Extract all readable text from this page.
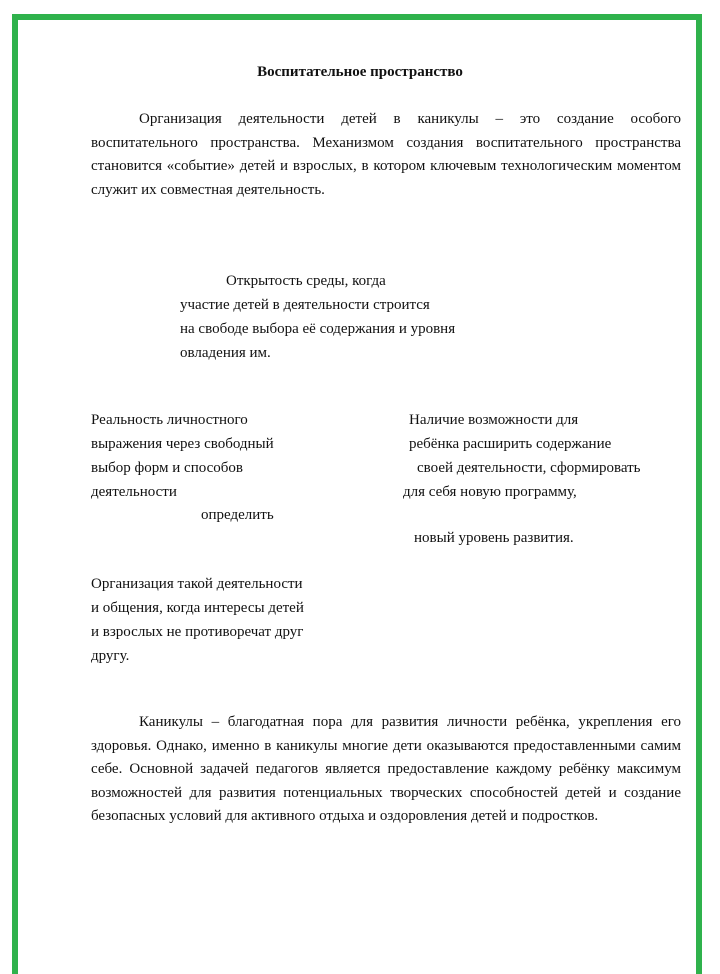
Воспитательное пространство
Организация деятельности детей в каникулы – это создание особого воспитательного пространства. Механизмом создания воспитательного пространства становится «событие» детей и взрослых, в котором ключевым технологическим моментом служит их совместная деятельность.
Открытость среды, когда
участие детей в деятельности строится
на свободе выбора её содержания и уровня
овладения им.
Реальность личностного
выражения через свободный
выбор форм и способов
деятельности
определить
Наличие возможности для
ребёнка расширить содержание
своей деятельности, сформировать
для себя новую программу,
новый уровень развития.
Организация такой деятельности
и общения, когда интересы детей
и взрослых не противоречат друг
другу.
Каникулы – благодатная пора для развития личности ребёнка, укрепления его здоровья. Однако, именно в каникулы многие дети оказываются предоставленными самим себе. Основной задачей педагогов является предоставление каждому ребёнку максимум возможностей для развития потенциальных творческих способностей детей и создание безопасных условий для активного отдыха и оздоровления детей и подростков.
